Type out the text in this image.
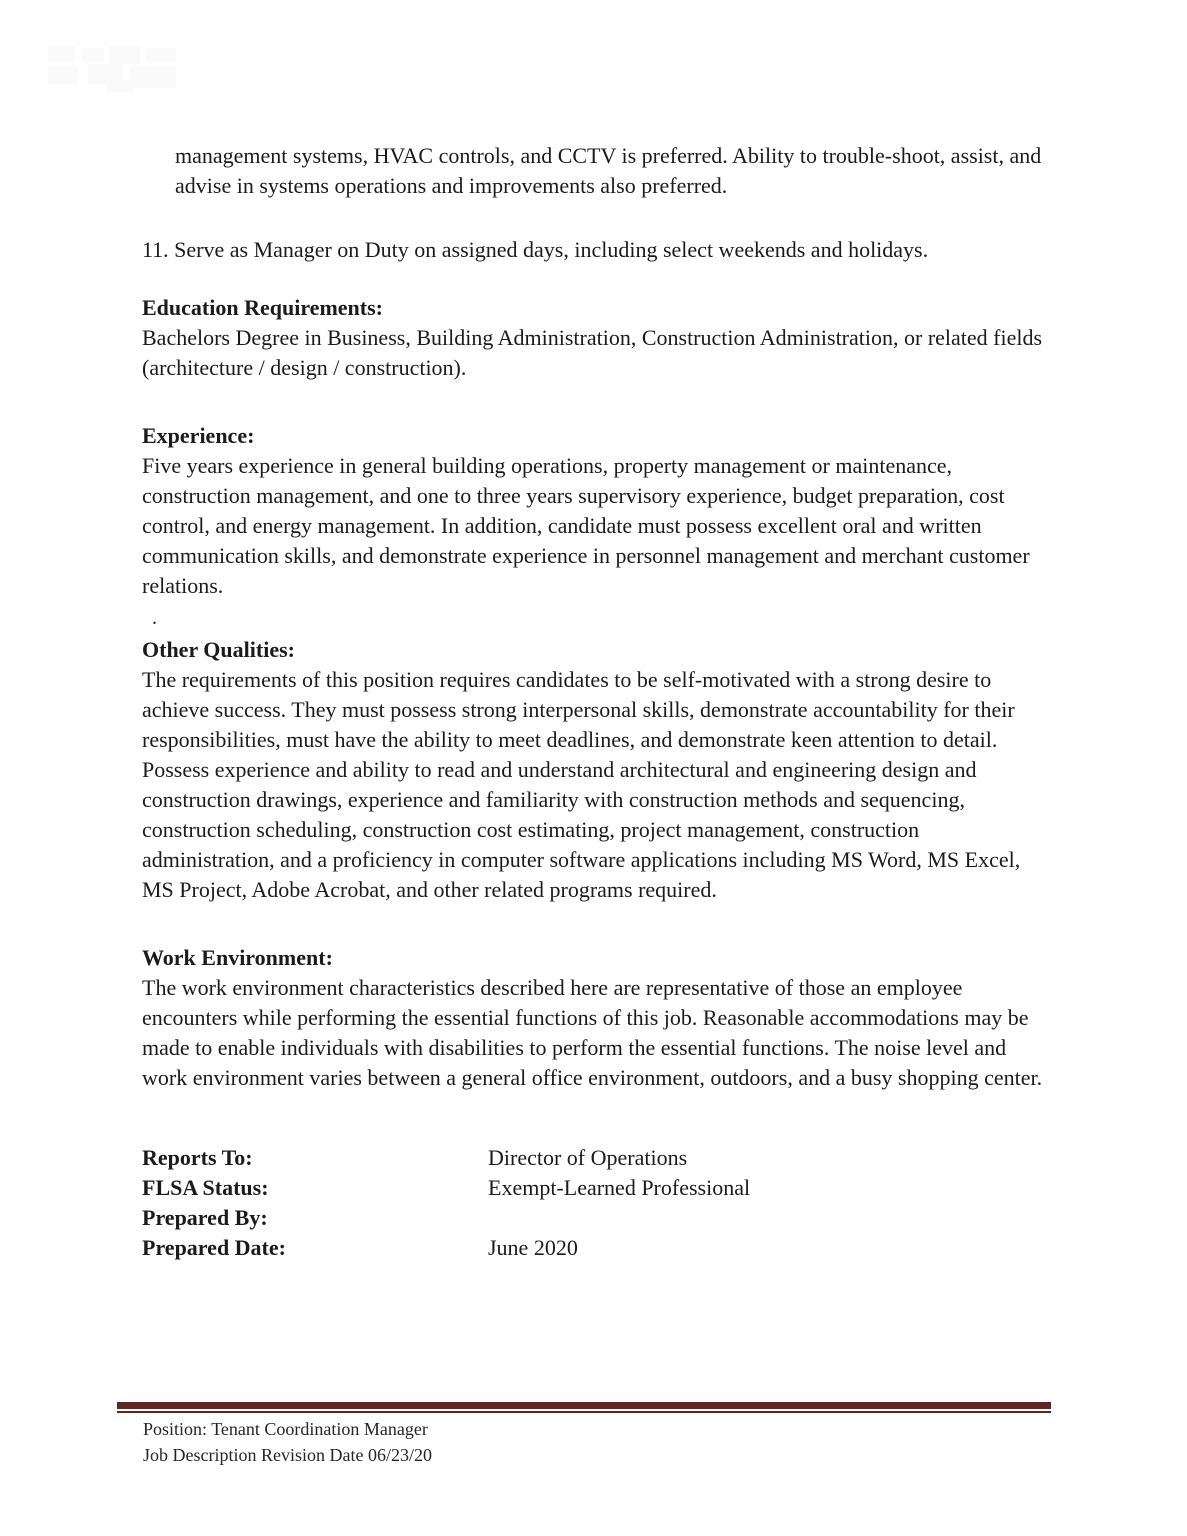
management systems, HVAC controls, and CCTV is preferred. Ability to trouble-shoot, assist, and advise in systems operations and improvements also preferred.

11. Serve as Manager on Duty on assigned days, including select weekends and holidays.

Education Requirements:

Bachelors Degree in Business, Building Administration, Construction Administration, or related fields (architecture / design / construction).

Experience:

Five years experience in general building operations, property management or maintenance, construction management, and one to three years supervisory experience, budget preparation, cost control, and energy management. In addition, candidate must possess excellent oral and written communication skills, and demonstrate experience in personnel management and merchant customer relations.

.
Other Qualities:

The requirements of this position requires candidates to be self-motivated with a strong desire to achieve success. They must possess strong interpersonal skills, demonstrate accountability for their responsibilities, must have the ability to meet deadlines, and demonstrate keen attention to detail. Possess experience and ability to read and understand architectural and engineering design and construction drawings, experience and familiarity with construction methods and sequencing, construction scheduling, construction cost estimating, project management, construction administration, and a proficiency in computer software applications including MS Word, MS Excel, MS Project, Adobe Acrobat, and other related programs required.

Work Environment:

The work environment characteristics described here are representative of those an employee encounters while performing the essential functions of this job. Reasonable accommodations may be made to enable individuals with disabilities to perform the essential functions. The noise level and work environment varies between a general office environment, outdoors, and a busy shopping center.

Reports To:	Director of Operations
FLSA Status:	Exempt-Learned Professional
Prepared By:
Prepared Date:	June 2020
Position: Tenant Coordination Manager
Job Description Revision Date 06/23/20
